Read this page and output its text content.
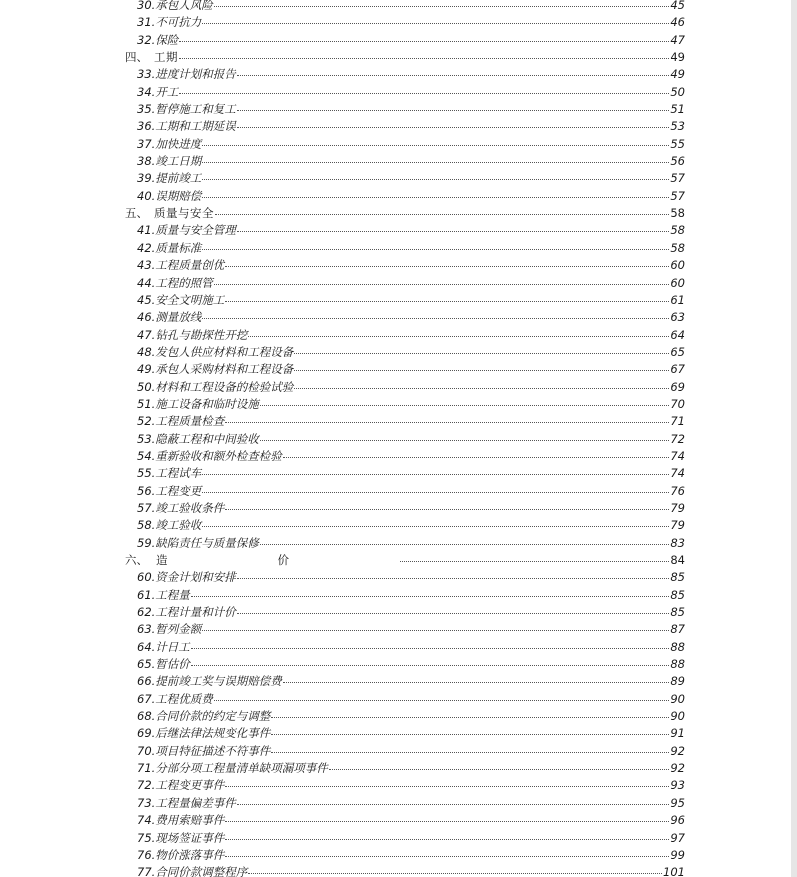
30. 承包人风险	45
31. 不可抗力	46
32. 保险	47
四、 工期	49
33. 进度计划和报告	49
34. 开工	50
35. 暂停施工和复工	51
36. 工期和工期延误	53
37. 加快进度	55
38. 竣工日期	56
39. 提前竣工	57
40. 误期赔偿	57
五、 质量与安全	58
41. 质量与安全管理	58
42. 质量标准	58
43. 工程质量创优	60
44. 工程的照管	60
45. 安全文明施工	61
46. 测量放线	63
47. 钻孔与勘探性开挖	64
48. 发包人供应材料和工程设备	65
49. 承包人采购材料和工程设备	67
50. 材料和工程设备的检验试验	69
51. 施工设备和临时设施	70
52. 工程质量检查	71
53. 隐蔽工程和中间验收	72
54. 重新验收和额外检查检验	74
55. 工程试车	74
56. 工程变更	76
57. 竣工验收条件	79
58. 竣工验收	79
59. 缺陷责任与质量保修	83
六、 造价	84
60. 资金计划和安排	85
61. 工程量	85
62. 工程计量和计价	85
63. 暂列金额	87
64. 计日工	88
65. 暂估价	88
66. 提前竣工奖与误期赔偿费	89
67. 工程优质费	90
68. 合同价款的约定与调整	90
69. 后继法律法规变化事件	91
70. 项目特征描述不符事件	92
71. 分部分项工程量清单缺项漏项事件	92
72. 工程变更事件	93
73. 工程量偏差事件	95
74. 费用索赔事件	96
75. 现场签证事件	97
76. 物价涨落事件	99
77. 合同价款调整程序	101
